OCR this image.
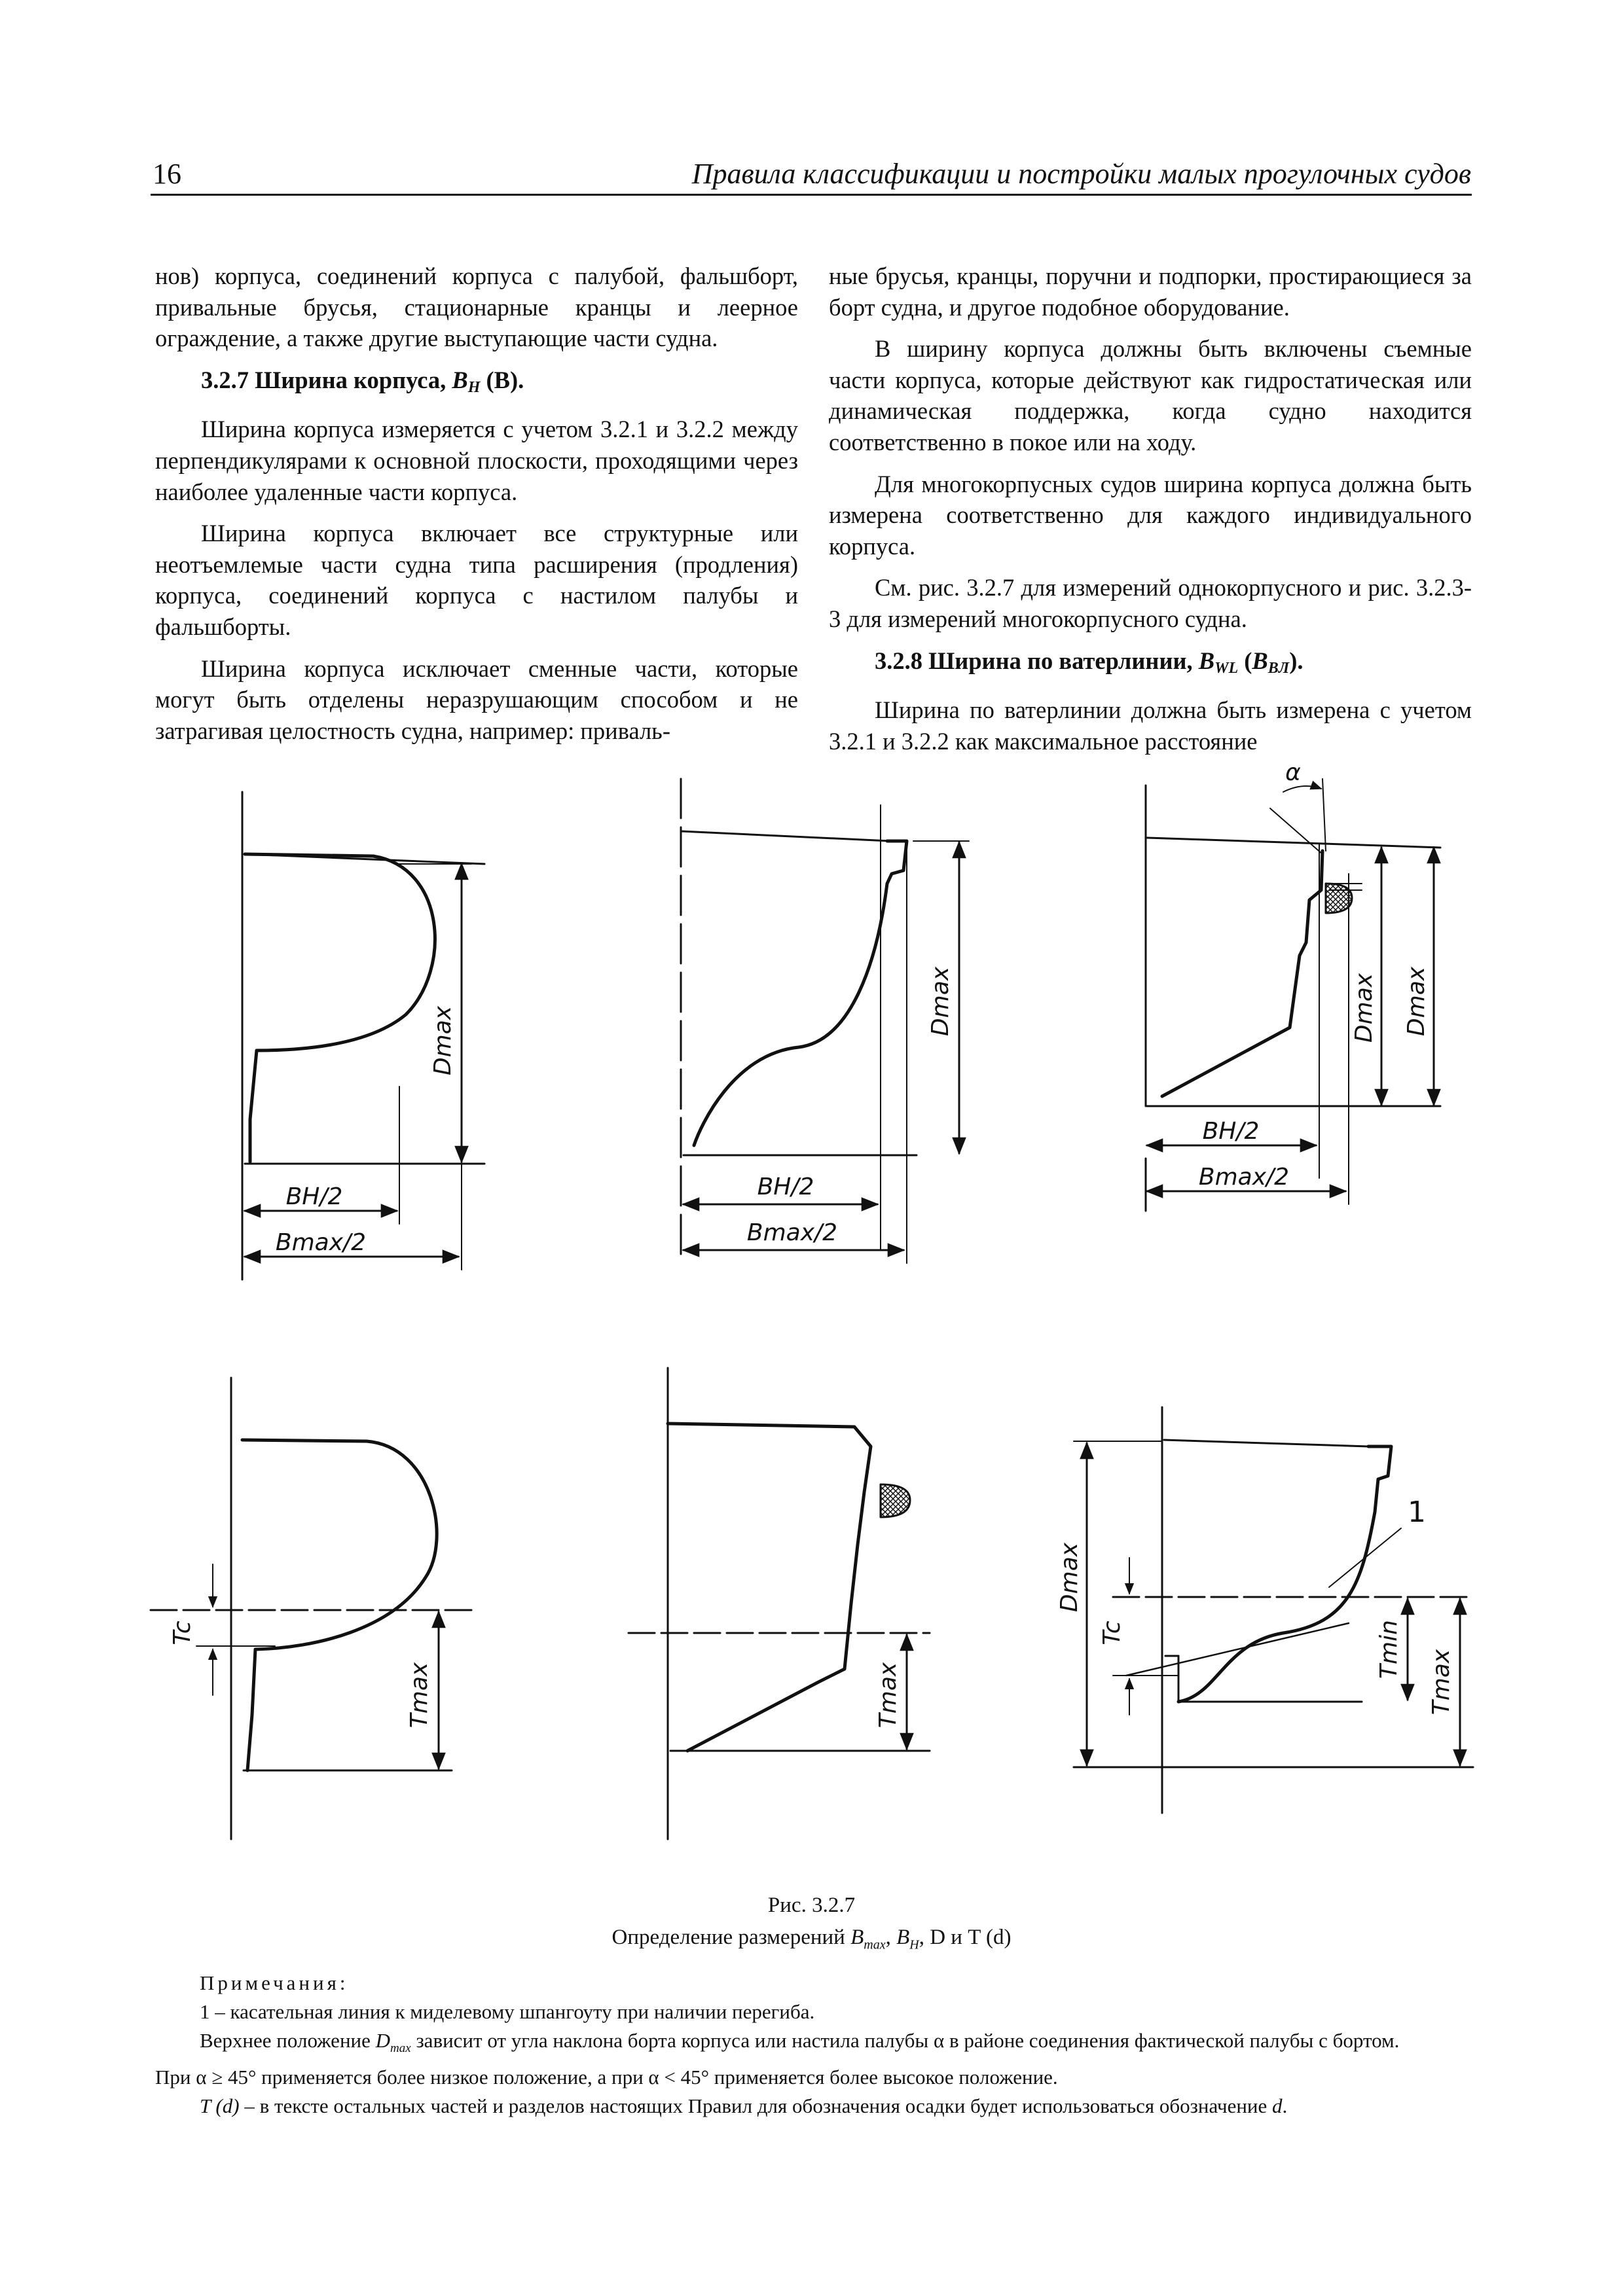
16	Правила классификации и постройки малых прогулочных судов

нов) корпуса, соединений корпуса с палубой, фальшборт, привальные брусья, стационарные кранцы и леерное ограждение, а также другие выступающие части судна.

3.2.7 Ширина корпуса, $B_H$ (B).

Ширина корпуса измеряется с учетом 3.2.1 и 3.2.2 между перпендикулярами к основной плоскости, проходящими через наиболее удаленные части корпуса.

Ширина корпуса включает все структурные или неотъемлемые части судна типа расширения (продления) корпуса, соединений корпуса с настилом палубы и фальшборты.

Ширина корпуса исключает сменные части, которые могут быть отделены неразрушающим способом и не затрагивая целостность судна, например: приваль-

ные брусья, кранцы, поручни и подпорки, простирающиеся за борт судна, и другое подобное оборудование.

В ширину корпуса должны быть включены съемные части корпуса, которые действуют как гидростатическая или динамическая поддержка, когда судно находится соответственно в покое или на ходу.

Для многокорпусных судов ширина корпуса должна быть измерена соответственно для каждого индивидуального корпуса.

См. рис. 3.2.7 для измерений однокорпусного и рис. 3.2.3-3 для измерений многокорпусного судна.

3.2.8 Ширина по ватерлинии, $B_{WL}$ $(B_{ВЛ})$.

Ширина по ватерлинии должна быть измерена с учетом 3.2.1 и 3.2.2 как максимальное расстояние

Dmax
BH/2
Bmax/2
Dmax
BH/2
Bmax/2
α
Dmax Dmax
BH/2
Bmax/2
Tc
Tmax	Tmax
Dmax
Tc	Tmin Tmax
1
Рис. 3.2.7
Определение размерений $B_{max}$, $B_H$, D и T (d)

Примечания:

1 – касательная линия к миделевому шпангоуту при наличии перегиба.

Верхнее положение $D_{max}$ зависит от угла наклона борта корпуса или настила палубы α в районе соединения фактической палубы с бортом.

При α ≥ 45° применяется более низкое положение, а при α < 45° применяется более высокое положение.

T (d) – в тексте остальных частей и разделов настоящих Правил для обозначения осадки будет использоваться обозначение d.
